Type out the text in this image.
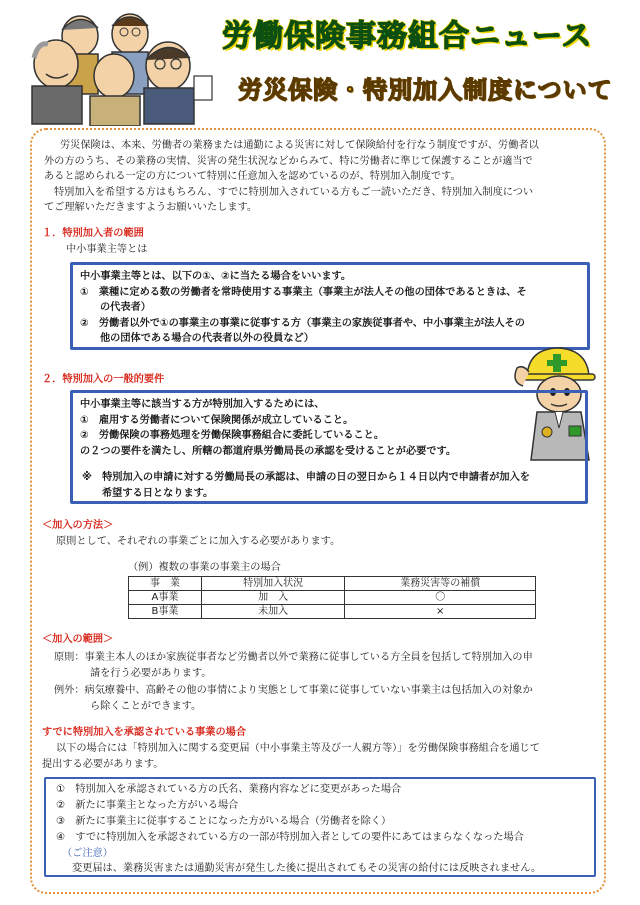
労働保険事務組合ニュース
労災保険・特別加入制度について
労災保険は、本来、労働者の業務または通勤による災害に対して保険給付を行なう制度ですが、労働者以
外の方のうち、その業務の実情、災害の発生状況などからみて、特に労働者に準じて保護することが適当で
あると認められる一定の方について特別に任意加入を認めているのが、特別加入制度です。
特別加入を希望する方はもちろん、すでに特別加入されている方もご一読いただき、特別加入制度につい
てご理解いただきますようお願いいたします。
１．特別加入者の範囲
中小事業主等とは
中小事業主等とは、以下の①、②に当たる場合をいいます。
①　業種に定める数の労働者を常時使用する事業主（事業主が法人その他の団体であるときは、そ
の代表者）
②　労働者以外で①の事業主の事業に従事する方（事業主の家族従事者や、中小事業主が法人その
他の団体である場合の代表者以外の役員など）
２．特別加入の一般的要件
中小事業主等に該当する方が特別加入するためには、
①　雇用する労働者について保険関係が成立していること。
②　労働保険の事務処理を労働保険事務組合に委託していること。
の２つの要件を満たし、所轄の都道府県労働局長の承認を受けることが必要です。
※　特別加入の申請に対する労働局長の承認は、申請の日の翌日から１４日以内で申請者が加入を
希望する日となります。
＜加入の方法＞
原則として、それぞれの事業ごとに加入する必要があります。
（例）複数の事業の事業主の場合
事　業	特別加入状況	業務災害等の補償
A事業	加　入	〇
B事業	未加入	×
＜加入の範囲＞
原則：事業主本人のほか家族従事者など労働者以外で業務に従事している方全員を包括して特別加入の申
請を行う必要があります。
例外：病気療養中、高齢その他の事情により実態として事業に従事していない事業主は包括加入の対象か
ら除くことができます。
すでに特別加入を承認されている事業の場合
以下の場合には「特別加入に関する変更届（中小事業主等及び一人親方等）」を労働保険事務組合を通じて
提出する必要があります。
①　特別加入を承認されている方の氏名、業務内容などに変更があった場合
②　新たに事業主となった方がいる場合
③　新たに事業主に従事することになった方がいる場合（労働者を除く）
④　すでに特別加入を承認されている方の一部が特別加入者としての要件にあてはまらなくなった場合
（ご注意）
変更届は、業務災害または通勤災害が発生した後に提出されてもその災害の給付には反映されません。
